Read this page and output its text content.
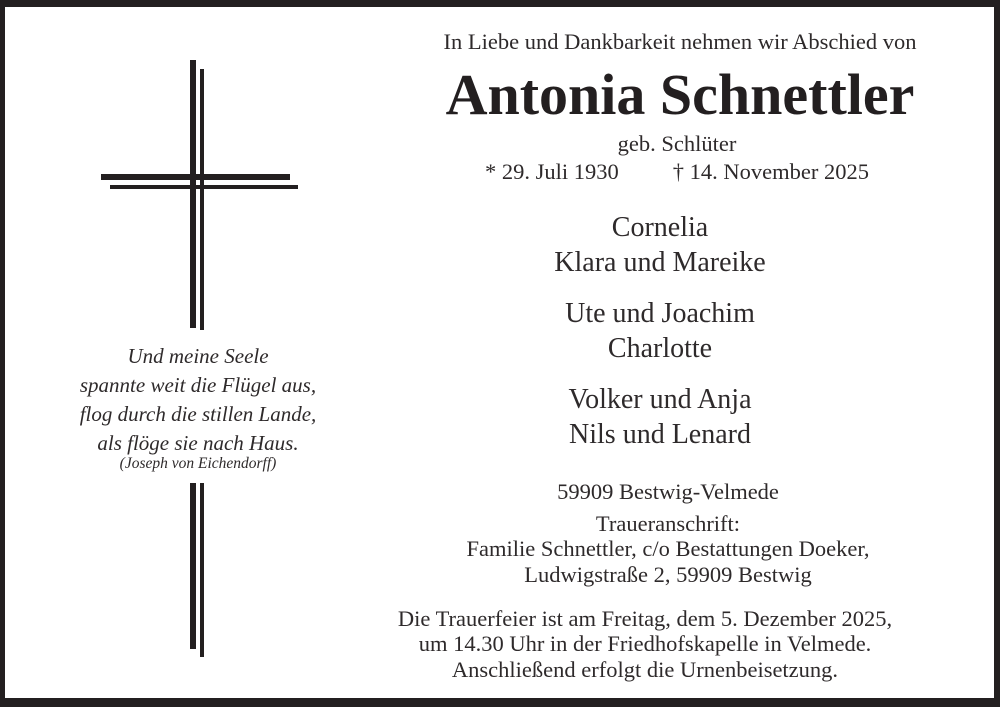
Und meine Seele
spannte weit die Flügel aus,
flog durch die stillen Lande,
als flöge sie nach Haus.
(Joseph von Eichendorff)
In Liebe und Dankbarkeit nehmen wir Abschied von
Antonia Schnettler
geb. Schlüter
* 29. Juli 1930 † 14. November 2025
Cornelia
Klara und Mareike
Ute und Joachim
Charlotte
Volker und Anja
Nils und Lenard
59909 Bestwig-Velmede
Traueranschrift:
Familie Schnettler, c/o Bestattungen Doeker,
Ludwigstraße 2, 59909 Bestwig
Die Trauerfeier ist am Freitag, dem 5. Dezember 2025,
um 14.30 Uhr in der Friedhofskapelle in Velmede.
Anschließend erfolgt die Urnenbeisetzung.
